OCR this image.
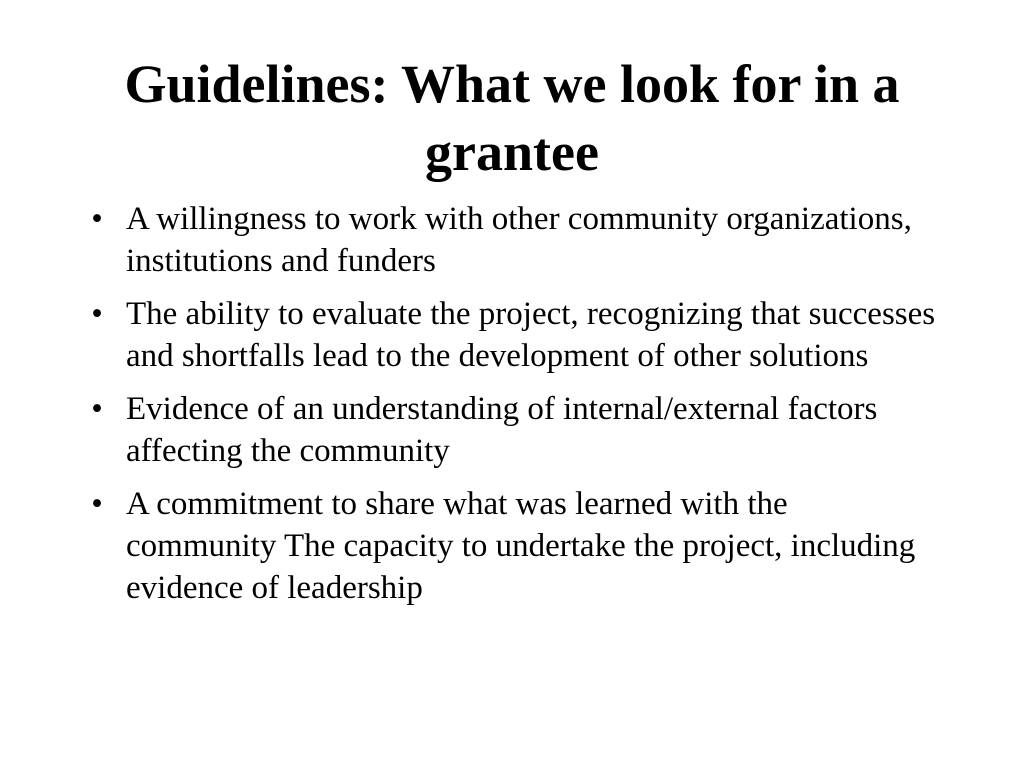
Guidelines: What we look for in a grantee
• A willingness to work with other community organizations, institutions and funders
• The ability to evaluate the project, recognizing that successes and shortfalls lead to the development of other solutions
• Evidence of an understanding of internal/external factors affecting the community
• A commitment to share what was learned with the community The capacity to undertake the project, including evidence of leadership
